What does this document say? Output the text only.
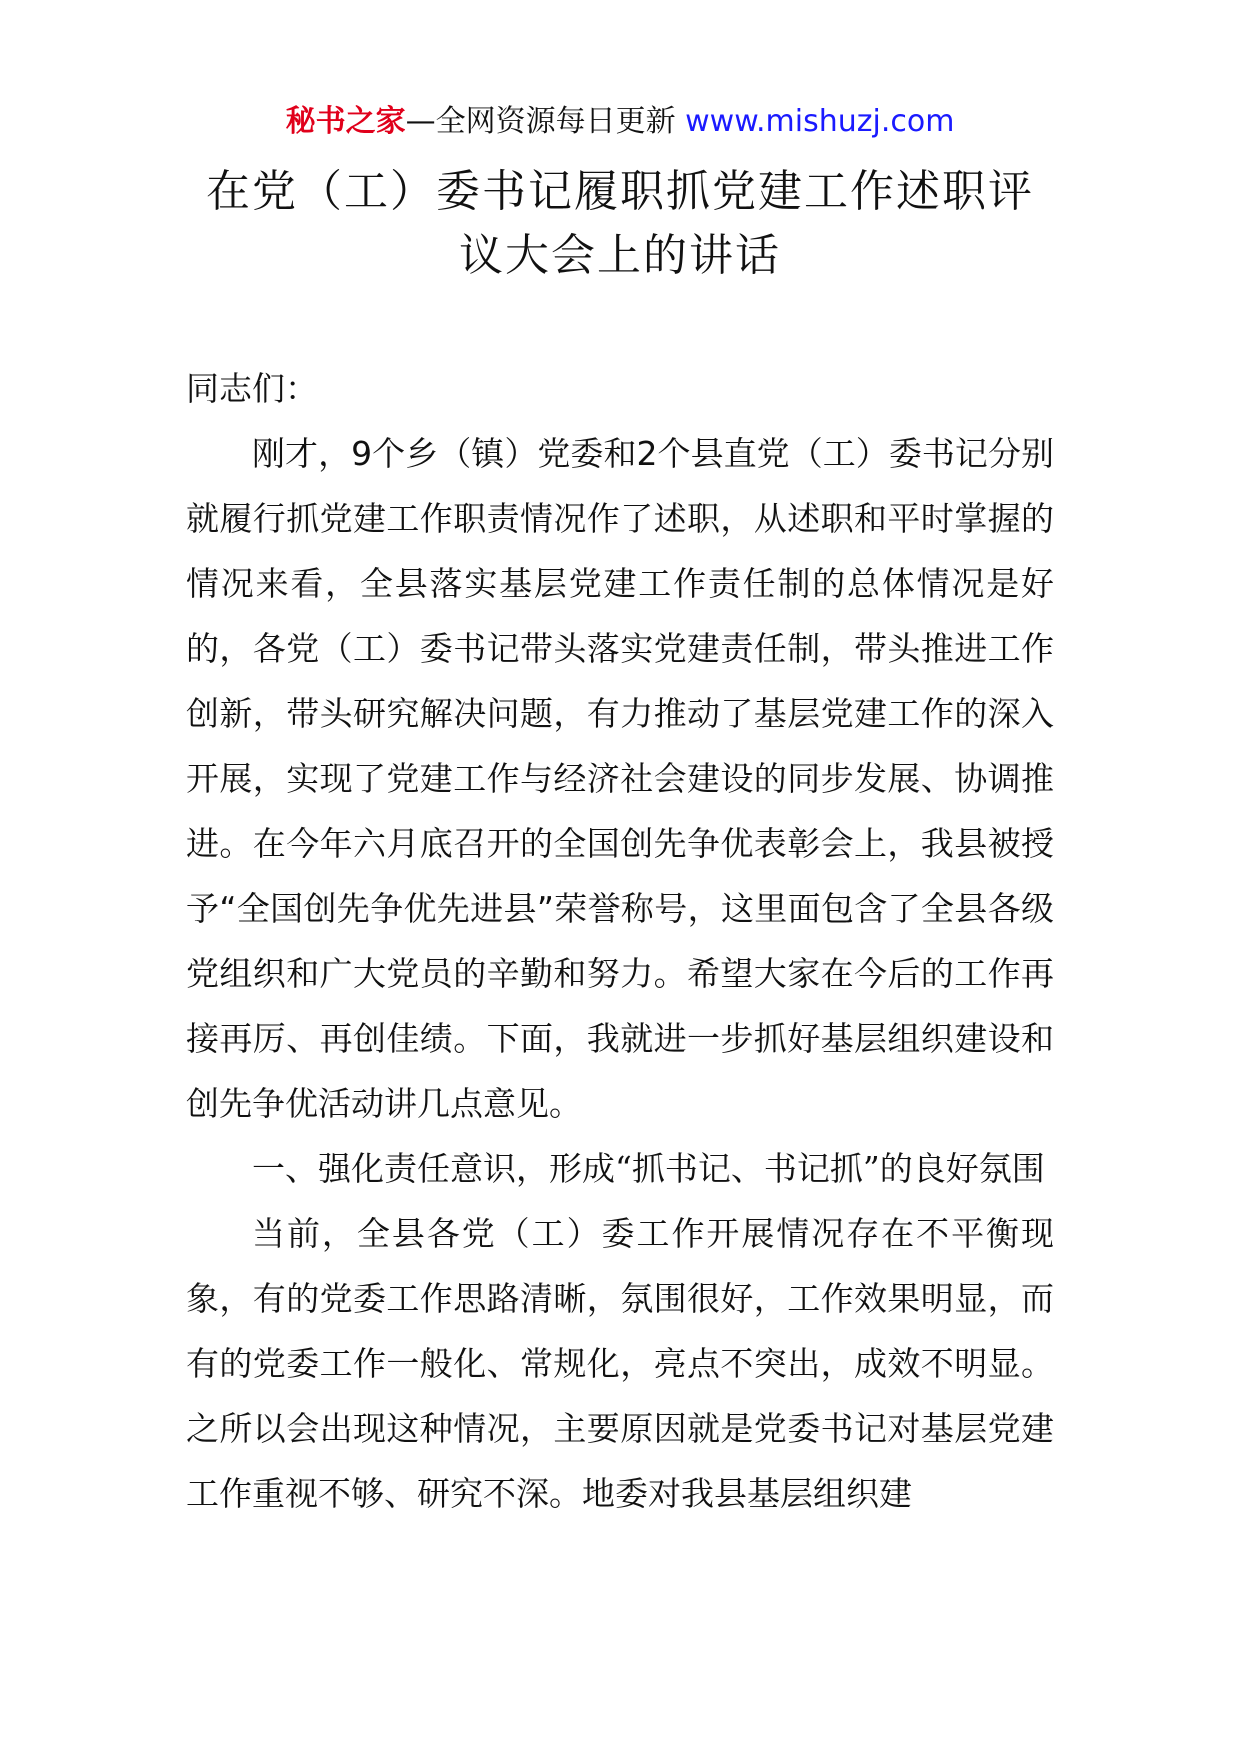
秘书之家—全网资源每日更新 www.mishuzj.com
在党（工）委书记履职抓党建工作述职评议大会上的讲话

同志们：

刚才，9个乡（镇）党委和2个县直党（工）委书记分别就履行抓党建工作职责情况作了述职，从述职和平时掌握的情况来看，全县落实基层党建工作责任制的总体情况是好的，各党（工）委书记带头落实党建责任制，带头推进工作创新，带头研究解决问题，有力推动了基层党建工作的深入开展，实现了党建工作与经济社会建设的同步发展、协调推进。在今年六月底召开的全国创先争优表彰会上，我县被授予“全国创先争优先进县”荣誉称号，这里面包含了全县各级党组织和广大党员的辛勤和努力。希望大家在今后的工作再接再厉、再创佳绩。下面，我就进一步抓好基层组织建设和创先争优活动讲几点意见。

一、强化责任意识，形成“抓书记、书记抓”的良好氛围

当前，全县各党（工）委工作开展情况存在不平衡现象，有的党委工作思路清晰，氛围很好，工作效果明显，而有的党委工作一般化、常规化，亮点不突出，成效不明显。之所以会出现这种情况，主要原因就是党委书记对基层党建工作重视不够、研究不深。地委对我县基层组织建
